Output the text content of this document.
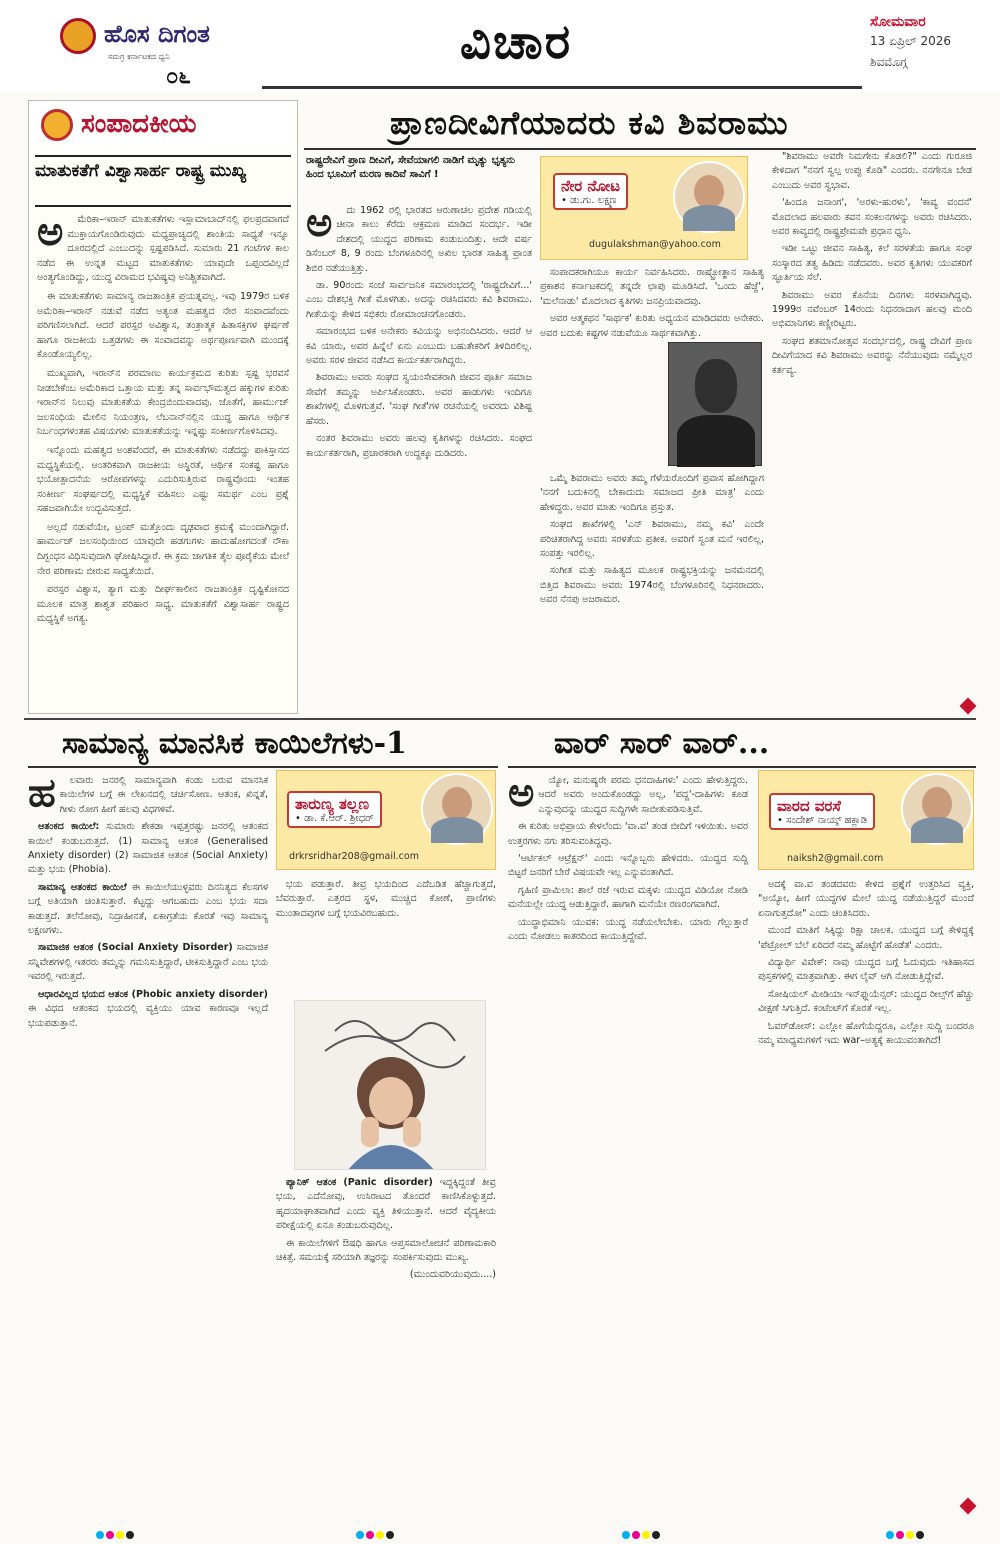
ಹೊಸ ದಿಗಂತ
ಸಮಗ್ರ ಕರ್ನಾಟಕದ ಧ್ವನಿ
೦೬
ವಿಚಾರ	ಸೋಮವಾರ
13 ಏಪ್ರಿಲ್ 2026
ಶಿವಮೊಗ್ಗ
ಸಂಪಾದಕೀಯ
ಮಾತುಕತೆಗೆ ವಿಶ್ವಾಸಾರ್ಹ ರಾಷ್ಟ್ರ ಮುಖ್ಯ
ಅ	ಮೆರಿಕಾ–ಇರಾನ್ ಮಾತುಕತೆಗಳು ಇಸ್ಲಾಮಾಬಾದ್‌ನಲ್ಲಿ ಫಲಪ್ರದವಾಗದೆ ಮುಕ್ತಾಯಗೊಂಡಿರುವುದು ಮಧ್ಯಪ್ರಾಚ್ಯದಲ್ಲಿ ಶಾಂತಿಯ ಸಾಧ್ಯತೆ ಇನ್ನೂ ದೂರದಲ್ಲಿದೆ ಎಂಬುದನ್ನು ಸ್ಪಷ್ಟಪಡಿಸಿದೆ. ಸುಮಾರು 21 ಗಂಟೆಗಳ ಕಾಲ ನಡೆದ ಈ ಉನ್ನತ ಮಟ್ಟದ ಮಾತುಕತೆಗಳು ಯಾವುದೇ ಒಪ್ಪಂದವಿಲ್ಲದೆ ಅಂತ್ಯಗೊಂಡಿದ್ದು, ಯುದ್ಧ ವಿರಾಮದ ಭವಿಷ್ಯವು ಅನಿಶ್ಚಿತವಾಗಿದೆ.

ಈ ಮಾತುಕತೆಗಳು ಸಾಮಾನ್ಯ ರಾಜತಾಂತ್ರಿಕ ಪ್ರಯತ್ನವಲ್ಲ. ಇವು 1979ರ ಬಳಿಕ ಅಮೆರಿಕಾ–ಇರಾನ್ ನಡುವೆ ನಡೆದ ಅತ್ಯಂತ ಮಹತ್ವದ ನೇರ ಸಂವಾದವೆಂದು ಪರಿಗಣಿಸಲಾಗಿದೆ. ಆದರೆ ಪರಸ್ಪರ ಅವಿಶ್ವಾಸ, ತಂತ್ರಾತ್ಮಕ ಹಿತಾಸಕ್ತಿಗಳ ಘರ್ಷಣೆ ಹಾಗೂ ರಾಜಕೀಯ ಒತ್ತಡಗಳು ಈ ಸಂವಾದವನ್ನು ಅರ್ಥಪೂರ್ಣವಾಗಿ ಮುಂದಕ್ಕೆ ಕೊಂಡೊಯ್ಯಲಿಲ್ಲ.

ಮುಖ್ಯವಾಗಿ, ಇರಾನ್‌ನ ಪರಮಾಣು ಕಾರ್ಯಕ್ರಮದ ಕುರಿತು ಸ್ಪಷ್ಟ ಭರವಸೆ ನೀಡಬೇಕೆಂಬ ಅಮೆರಿಕಾದ ಒತ್ತಾಯ ಮತ್ತು ತನ್ನ ಸಾರ್ವಭೌಮತ್ವದ ಹಕ್ಕುಗಳ ಕುರಿತು ಇರಾನ್‌ನ ನಿಲುವು ಮಾತುಕತೆಯ ಕೇಂದ್ರಬಿಂದುವಾದವು. ಜೊತೆಗೆ, ಹಾರ್ಮುಜ್ ಜಲಸಂಧಿಯ ಮೇಲಿನ ನಿಯಂತ್ರಣ, ಲೆಬನಾನ್‌ನಲ್ಲಿನ ಯುದ್ಧ ಹಾಗೂ ಆರ್ಥಿಕ ನಿರ್ಬಂಧಗಳಂತಹ ವಿಷಯಗಳು ಮಾತುಕತೆಯನ್ನು ಇನ್ನಷ್ಟು ಸಂಕೀರ್ಣಗೊಳಿಸಿದವು.

ಇನ್ನೊಂದು ಮಹತ್ವದ ಅಂಶವೆಂದರೆ, ಈ ಮಾತುಕತೆಗಳು ನಡೆದದ್ದು ಪಾಕಿಸ್ತಾನದ ಮಧ್ಯಸ್ಥಿಕೆಯಲ್ಲಿ. ಆಂತರಿಕವಾಗಿ ರಾಜಕೀಯ ಅಸ್ಥಿರತೆ, ಆರ್ಥಿಕ ಸಂಕಷ್ಟ ಹಾಗೂ ಭಯೋತ್ಪಾದನೆಯ ಆರೋಪಗಳನ್ನು ಎದುರಿಸುತ್ತಿರುವ ರಾಷ್ಟ್ರವೊಂದು ಇಂತಹ ಸಂಕೀರ್ಣ ಸಂಘರ್ಷದಲ್ಲಿ ಮಧ್ಯಸ್ಥಿಕೆ ವಹಿಸಲು ಎಷ್ಟು ಸಮರ್ಥ ಎಂಬ ಪ್ರಶ್ನೆ ಸಹಜವಾಗಿಯೇ ಉದ್ಭವಿಸುತ್ತದೆ.

ಅಲ್ಲದೆ ನಡುವೆಯೇ, ಟ್ರಂಪ್ ಮತ್ತೊಂದು ದೃಢವಾದ ಕ್ರಮಕ್ಕೆ ಮುಂದಾಗಿದ್ದಾರೆ. ಹಾರ್ಮುಜ್ ಜಲಸಂಧಿಯಿಂದ ಯಾವುದೇ ಹಡಗುಗಳು ಹಾದುಹೋಗದಂತೆ ನೌಕಾ ದಿಗ್ಬಂಧನ ವಿಧಿಸುವುದಾಗಿ ಘೋಷಿಸಿದ್ದಾರೆ. ಈ ಕ್ರಮ ಜಾಗತಿಕ ತೈಲ ಪೂರೈಕೆಯ ಮೇಲೆ ನೇರ ಪರಿಣಾಮ ಬೀರುವ ಸಾಧ್ಯತೆಯಿದೆ.

ಪರಸ್ಪರ ವಿಶ್ವಾಸ, ತ್ಯಾಗ ಮತ್ತು ದೀರ್ಘಕಾಲೀನ ರಾಜತಾಂತ್ರಿಕ ದೃಷ್ಟಿಕೋನದ ಮೂಲಕ ಮಾತ್ರ ಶಾಶ್ವತ ಪರಿಹಾರ ಸಾಧ್ಯ. ಮಾತುಕತೆಗೆ ವಿಶ್ವಾಸಾರ್ಹ ರಾಷ್ಟ್ರದ ಮಧ್ಯಸ್ಥಿಕೆ ಅಗತ್ಯ.

ಪ್ರಾಣದೀವಿಗೆಯಾದರು ಕವಿ ಶಿವರಾಮು
ರಾಷ್ಟ್ರದೇವಿಗೆ ಪ್ರಾಣ ದೀವಿಗೆ, ಸೇವೆಯಾಗಲಿ ನಾಡಿಗೆ ಮೃತ್ಯು ಭೃತ್ಯನು ಹಿಂದ ಭೂಮಿಗೆ ಮರಣ ಕಾದಿವೆ ಸಾವಿಗೆ !
ಅ	ದು 1962 ರಲ್ಲಿ ಭಾರತದ ಆರುಣಾಚಲ ಪ್ರದೇಶ ಗಡಿಯಲ್ಲಿ ಚೀನಾ ಕಾಲು ಕೆರೆದು ಆಕ್ರಮಣ ಮಾಡಿದ ಸಂದರ್ಭ. ಇಡೀ ದೇಶದಲ್ಲಿ ಯುದ್ಧದ ಪರಿಣಾಮ ಕಂಡುಬಂದಿತ್ತು. ಆದೇ ವರ್ಷ ಡಿಸೆಂಬರ್ 8, 9 ರಂದು ಬೆಂಗಳೂರಿನಲ್ಲಿ ಅಖಿಲ ಭಾರತ ಸಾಹಿತ್ಯ ಪ್ರಾಂತ ಶಿಬಿರ ನಡೆಯುತ್ತಿತ್ತು.

ಡಾ. 90ರಂದು ಸಂಜೆ ಸಾರ್ವಜನಿಕ ಸಮಾರಂಭದಲ್ಲಿ 'ರಾಷ್ಟ್ರದೇವಿಗೆ...' ಎಂಬ ದೇಶಭಕ್ತಿ ಗೀತೆ ಮೊಳಗಿತು. ಅದನ್ನು ರಚಿಸಿದವರು ಕವಿ ಶಿವರಾಮು. ಗೀತೆಯನ್ನು ಕೇಳಿದ ಸಭಿಕರು ರೋಮಾಂಚನಗೊಂಡರು.

ಸಮಾರಂಭದ ಬಳಿಕ ಅನೇಕರು ಕವಿಯನ್ನು ಅಭಿನಂದಿಸಿದರು. ಆದರೆ ಆ ಕವಿ ಯಾರು, ಅವರ ಹಿನ್ನೆಲೆ ಏನು ಎಂಬುದು ಬಹುತೇಕರಿಗೆ ತಿಳಿದಿರಲಿಲ್ಲ. ಅವರು ಸರಳ ಜೀವನ ನಡೆಸಿದ ಕಾರ್ಯಕರ್ತರಾಗಿದ್ದರು.

ಶಿವರಾಮು ಅವರು ಸಂಘದ ಸ್ವಯಂಸೇವಕರಾಗಿ ಜೀವನ ಪೂರ್ತಿ ಸಮಾಜ ಸೇವೆಗೆ ತಮ್ಮನ್ನು ಅರ್ಪಿಸಿಕೊಂಡರು. ಅವರ ಹಾಡುಗಳು ಇಂದಿಗೂ ಶಾಖೆಗಳಲ್ಲಿ ಮೊಳಗುತ್ತವೆ. 'ಸಂಘ ಗೀತೆ'ಗಳ ರಚನೆಯಲ್ಲಿ ಅವರದು ವಿಶಿಷ್ಟ ಹೆಸರು.

ನಂತರ ಶಿವರಾಮು ಅವರು ಹಲವು ಕೃತಿಗಳನ್ನು ರಚಿಸಿದರು. ಸಂಘದ ಕಾರ್ಯಕರ್ತರಾಗಿ, ಪ್ರಚಾರಕರಾಗಿ ಉದ್ದಕ್ಕೂ ದುಡಿದರು.

ನೇರ ನೋಟ
• ಡು.ಗು. ಲಕ್ಷ್ಮಣ
dugulakshman@yahoo.com

ಸಂಪಾದಕರಾಗಿಯೂ ಕಾರ್ಯ ನಿರ್ವಹಿಸಿದರು. ರಾಷ್ಟ್ರೋತ್ಥಾನ ಸಾಹಿತ್ಯ ಪ್ರಕಾಶನ ಕರ್ನಾಟಕದಲ್ಲಿ ತನ್ನದೇ ಛಾಪು ಮೂಡಿಸಿದೆ. 'ಒಂದು ಹೆಜ್ಜೆ', 'ಮಲೆನಾಡು' ಮೊದಲಾದ ಕೃತಿಗಳು ಜನಪ್ರಿಯವಾದವು.

ಅವರ ಆತ್ಮಕಥನ 'ಸಾರ್ಥಕ' ಕುರಿತು ಅಧ್ಯಯನ ಮಾಡಿದವರು ಅನೇಕರು. ಅವರ ಬದುಕು ಕಷ್ಟಗಳ ನಡುವೆಯೂ ಸಾರ್ಥಕವಾಗಿತ್ತು.

ಒಮ್ಮೆ ಶಿವರಾಮು ಅವರು ತಮ್ಮ ಗೆಳೆಯರೊಂದಿಗೆ ಪ್ರವಾಸ ಹೋಗಿದ್ದಾಗ 'ನನಗೆ ಬದುಕಿನಲ್ಲಿ ಬೇಕಾದುದು ಸಮಾಜದ ಪ್ರೀತಿ ಮಾತ್ರ' ಎಂದು ಹೇಳಿದ್ದರು. ಅವರ ಮಾತು ಇಂದಿಗೂ ಪ್ರಸ್ತುತ.

ಸಂಘದ ಶಾಖೆಗಳಲ್ಲಿ 'ಎನ್ ಶಿವರಾಮು, ನಮ್ಮ ಕವಿ' ಎಂದೇ ಪರಿಚಿತರಾಗಿದ್ದ ಅವರು ಸರಳತೆಯ ಪ್ರತೀಕ. ಅವರಿಗೆ ಸ್ವಂತ ಮನೆ ಇರಲಿಲ್ಲ, ಸಂಪತ್ತು ಇರಲಿಲ್ಲ.

ಸಂಗೀತ ಮತ್ತು ಸಾಹಿತ್ಯದ ಮೂಲಕ ರಾಷ್ಟ್ರಭಕ್ತಿಯನ್ನು ಜನಮನದಲ್ಲಿ ಬಿತ್ತಿದ ಶಿವರಾಮು ಅವರು 1974ರಲ್ಲಿ ಬೆಂಗಳೂರಿನಲ್ಲಿ ನಿಧನರಾದರು. ಅವರ ನೆನಪು ಅಜರಾಮರ.

"ಶಿವರಾಮು ಅವರೇ ನಿಮಗೇನು ಕೊಡಲಿ?" ಎಂದು ಗುರೂಜಿ ಕೇಳಿದಾಗ "ನನಗೆ ಸ್ವಲ್ಪ ಉಪ್ಪು ಕೊಡಿ" ಎಂದರು. ನನಗೇನೂ ಬೇಡ ಎಂಬುದು ಅವರ ಸ್ವಭಾವ.

'ಹಿಂದೂ ಜನಾಂಗ', 'ಅರಳು-ಹುರಳು', 'ಕಾವ್ಯ ವಂದನೆ' ಮೊದಲಾದ ಹಲವಾರು ಕವನ ಸಂಕಲನಗಳನ್ನು ಅವರು ರಚಿಸಿದರು. ಅವರ ಕಾವ್ಯದಲ್ಲಿ ರಾಷ್ಟ್ರಪ್ರೇಮವೇ ಪ್ರಧಾನ ಧ್ವನಿ.

ಇಡೀ ಒಟ್ಟು ಜೀವನ ಸಾಹಿತ್ಯ, ಕಲೆ ಸರಳತೆಯ ಹಾಗೂ ಸಂಘ ಸಂಸ್ಕಾರದ ತತ್ವ ಹಿಡಿದು ನಡೆದವರು. ಅವರ ಕೃತಿಗಳು ಯುವಕರಿಗೆ ಸ್ಫೂರ್ತಿಯ ಸೆಲೆ.

ಶಿವರಾಮು ಅವರ ಕೊನೆಯ ದಿನಗಳು ಸರಳವಾಗಿದ್ದವು. 1999ರ ನವೆಂಬರ್ 14ರಂದು ನಿಧನರಾದಾಗ ಹಲವು ಮಂದಿ ಅಭಿಮಾನಿಗಳು ಕಣ್ಣೀರಿಟ್ಟರು.

ಸಂಘದ ಶತಮಾನೋತ್ಸವ ಸಂದರ್ಭದಲ್ಲಿ, ರಾಷ್ಟ್ರ ದೇವಿಗೆ ಪ್ರಾಣ ದೀವಿಗೆಯಾದ ಕವಿ ಶಿವರಾಮು ಅವರನ್ನು ನೆನೆಯುವುದು ನಮ್ಮೆಲ್ಲರ ಕರ್ತವ್ಯ.

ಸಾಮಾನ್ಯ ಮಾನಸಿಕ ಕಾಯಿಲೆಗಳು-1
ಹ	ಲವಾರು ಜನರಲ್ಲಿ ಸಾಮಾನ್ಯವಾಗಿ ಕಂಡು ಬರುವ ಮಾನಸಿಕ ಕಾಯಿಲೆಗಳ ಬಗ್ಗೆ ಈ ಲೇಖನದಲ್ಲಿ ಚರ್ಚಿಸೋಣ. ಆತಂಕ, ಖಿನ್ನತೆ, ಗೀಳು ರೋಗ ಹೀಗೆ ಹಲವು ವಿಧಗಳಿವೆ.

ಆತಂಕದ ಕಾಯಿಲೆ: ಸುಮಾರು ಶೇಕಡಾ ಇಪ್ಪತ್ತರಷ್ಟು ಜನರಲ್ಲಿ ಆತಂಕದ ಕಾಯಿಲೆ ಕಂಡುಬರುತ್ತದೆ. (1) ಸಾಮಾನ್ಯ ಆತಂಕ (Generalised Anxiety disorder) (2) ಸಾಮಾಜಿಕ ಆತಂಕ (Social Anxiety) ಮತ್ತು ಭಯ (Phobia).

ಸಾಮಾನ್ಯ ಆತಂಕದ ಕಾಯಿಲೆ ಈ ಕಾಯಿಲೆಯುಳ್ಳವರು ದಿನನಿತ್ಯದ ಕೆಲಸಗಳ ಬಗ್ಗೆ ಅತಿಯಾಗಿ ಚಿಂತಿಸುತ್ತಾರೆ. ಕೆಟ್ಟದ್ದು ಆಗಬಹುದು ಎಂಬ ಭಯ ಸದಾ ಕಾಡುತ್ತದೆ. ತಲೆನೋವು, ನಿದ್ರಾಹೀನತೆ, ಏಕಾಗ್ರತೆಯ ಕೊರತೆ ಇವು ಸಾಮಾನ್ಯ ಲಕ್ಷಣಗಳು.

ಸಾಮಾಜಿಕ ಆತಂಕ (Social Anxiety Disorder) ಸಾಮಾಜಿಕ ಸನ್ನಿವೇಶಗಳಲ್ಲಿ ಇತರರು ತಮ್ಮನ್ನು ಗಮನಿಸುತ್ತಿದ್ದಾರೆ, ಟೀಕಿಸುತ್ತಿದ್ದಾರೆ ಎಂಬ ಭಯ ಇವರಲ್ಲಿ ಇರುತ್ತದೆ.

ಆಧಾರವಿಲ್ಲದ ಭಯದ ಆತಂಕ (Phobic anxiety disorder) ಈ ವಿಧದ ಆತಂಕದ ಭಯದಲ್ಲಿ ವ್ಯಕ್ತಿಯು ಯಾವ ಕಾರಣವೂ ಇಲ್ಲದೆ ಭಯಪಡುತ್ತಾನೆ.

ತಾರುಣ್ಯ ತಲ್ಲಣ
• ಡಾ. ಕೆ.ಆರ್. ಶ್ರೀಧರ್
drkrsridhar208@gmail.com

ಭಯ ಪಡುತ್ತಾರೆ. ತೀವ್ರ ಭಯದಿಂದ ಎದೆಬಡಿತ ಹೆಚ್ಚಾಗುತ್ತದೆ, ಬೆವರುತ್ತಾರೆ. ಎತ್ತರದ ಸ್ಥಳ, ಮುಚ್ಚಿದ ಕೋಣೆ, ಪ್ರಾಣಿಗಳು ಮುಂತಾದವುಗಳ ಬಗ್ಗೆ ಭಯವಿರಬಹುದು.

ಪ್ಯಾನಿಕ್ ಆತಂಕ (Panic disorder) ಇದ್ದಕ್ಕಿದ್ದಂತೆ ತೀವ್ರ ಭಯ, ಎದೆನೋವು, ಉಸಿರಾಟದ ತೊಂದರೆ ಕಾಣಿಸಿಕೊಳ್ಳುತ್ತದೆ. ಹೃದಯಾಘಾತವಾಗಿದೆ ಎಂದು ವ್ಯಕ್ತಿ ತಿಳಿಯುತ್ತಾನೆ. ಆದರೆ ವೈದ್ಯಕೀಯ ಪರೀಕ್ಷೆಯಲ್ಲಿ ಏನೂ ಕಂಡುಬರುವುದಿಲ್ಲ.

ಈ ಕಾಯಿಲೆಗಳಿಗೆ ಔಷಧಿ ಹಾಗೂ ಆಪ್ತಸಮಾಲೋಚನೆ ಪರಿಣಾಮಕಾರಿ ಚಿಕಿತ್ಸೆ. ಸಮಯಕ್ಕೆ ಸರಿಯಾಗಿ ತಜ್ಞರನ್ನು ಸಂಪರ್ಕಿಸುವುದು ಮುಖ್ಯ.

(ಮುಂದುವರಿಯುವುದು....)

ವಾರ್ ಸಾರ್ ವಾರ್...
ಅ	ಯ್ಯೋ, ಮನುಷ್ಯರೇ ಪರಮ ಧನದಾಹಿಗಳು' ಎಂದು ಹೇಳುತ್ತಿದ್ದರು. ಆದರೆ ಅವರು ಅಂದುಕೊಂಡದ್ದು ಅಲ್ಲ, 'ಪದ್ದ'-ದಾಹಿಗಳು ಕೂಡ ಎನ್ನುವುದನ್ನು ಯುದ್ಧದ ಸುದ್ದಿಗಳೇ ಸಾಬೀತುಪಡಿಸುತ್ತಿವೆ.

ಈ ಕುರಿತು ಅಭಿಪ್ರಾಯ ಕೇಳಲೆಂದು 'ವಾ.ವ' ತಂಡ ಬೀದಿಗೆ ಇಳಿಯಿತು. ಅವರ ಉತ್ತರಗಳು ನಗು ತರಿಸುವಂತಿದ್ದವು.

'ಆರ್ಟಿಕಲ್ ಆಟ್ರೆಕ್ಷನ್' ಎಂದು ಇನ್ನೊಬ್ಬರು ಹೇಳಿದರು. ಯುದ್ಧದ ಸುದ್ದಿ ಬಿಟ್ಟರೆ ಜನರಿಗೆ ಬೇರೆ ವಿಷಯವೇ ಇಲ್ಲ ಎನ್ನುವಂತಾಗಿದೆ.

ಗೃಹಿಣಿ ಪ್ರಾಮಿಲಾ: ಶಾಲೆ ರಜೆ ಇರುವ ಮಕ್ಕಳು ಯುದ್ಧದ ವಿಡಿಯೋ ನೋಡಿ ಮನೆಯಲ್ಲೇ ಯುದ್ಧ ಆಡುತ್ತಿದ್ದಾರೆ. ಹಾಗಾಗಿ ಮನೆಯೇ ರಣರಂಗವಾಗಿದೆ.

ಯುದ್ಧಾಭಿಮಾನಿ ಯುವಕ: ಯುದ್ಧ ನಡೆಯಲೇಬೇಕು. ಯಾರು ಗೆಲ್ಲುತ್ತಾರೆ ಎಂದು ನೋಡಲು ಕಾತರದಿಂದ ಕಾಯುತ್ತಿದ್ದೇವೆ.

ವಾರದ ವರಸೆ
• ಸಂದೇಶ್ ನಾಯ್ಕ್ ಹಕ್ಲಾಡಿ
naiksh2@gmail.com

ಅದಕ್ಕೆ ವಾ.ವ ತಂಡದವರು ಕೇಳಿದ ಪ್ರಶ್ನೆಗೆ ಉತ್ತರಿಸಿದ ವ್ಯಕ್ತಿ, "ಅಯ್ಯೋ, ಹೀಗೆ ಯುದ್ಧಗಳ ಮೇಲೆ ಯುದ್ಧ ನಡೆಯುತ್ತಿದ್ದರೆ ಮುಂದೆ ಏನಾಗುತ್ತದೋ" ಎಂದು ಚಿಂತಿಸಿದರು.

ಮುಂದೆ ಮಾತಿಗೆ ಸಿಕ್ಕಿದ್ದು ರಿಕ್ಷಾ ಚಾಲಕ. ಯುದ್ಧದ ಬಗ್ಗೆ ಕೇಳಿದ್ದಕ್ಕೆ 'ಪೆಟ್ರೋಲ್ ಬೆಲೆ ಏರಿದರೆ ನಮ್ಮ ಹೊಟ್ಟೆಗೆ ಹೊಡೆತ' ಎಂದರು.

ವಿದ್ಯಾರ್ಥಿ ವಿವೇಕ್: ನಾವು ಯುದ್ಧದ ಬಗ್ಗೆ ಓದುವುದು ಇತಿಹಾಸದ ಪುಸ್ತಕಗಳಲ್ಲಿ ಮಾತ್ರವಾಗಿತ್ತು. ಈಗ ಲೈವ್ ಆಗಿ ನೋಡುತ್ತಿದ್ದೇವೆ.

ಸೋಷಿಯಲ್ ಮೀಡಿಯಾ ಇನ್‌ಫ್ಲುಯೆನ್ಸರ್: ಯುದ್ಧದ ರೀಲ್ಸ್‌ಗೆ ಹೆಚ್ಚು ವೀಕ್ಷಣೆ ಸಿಗುತ್ತಿದೆ. ಕಂಟೆಂಟ್‌ಗೆ ಕೊರತೆ ಇಲ್ಲ.

ಓವರ್‌ಡೋಸ್: ಎಲ್ಲೋ ಹೊಗೆಯೆದ್ದರೂ, ಎಲ್ಲೋ ಸುದ್ದಿ ಬಂದರೂ ನಮ್ಮ ಮಾಧ್ಯಮಗಳಿಗೆ ಇದು war–ಅತ್ಯಕ್ಕೆ ಕಾಯುವಂತಾಗಿದೆ!
